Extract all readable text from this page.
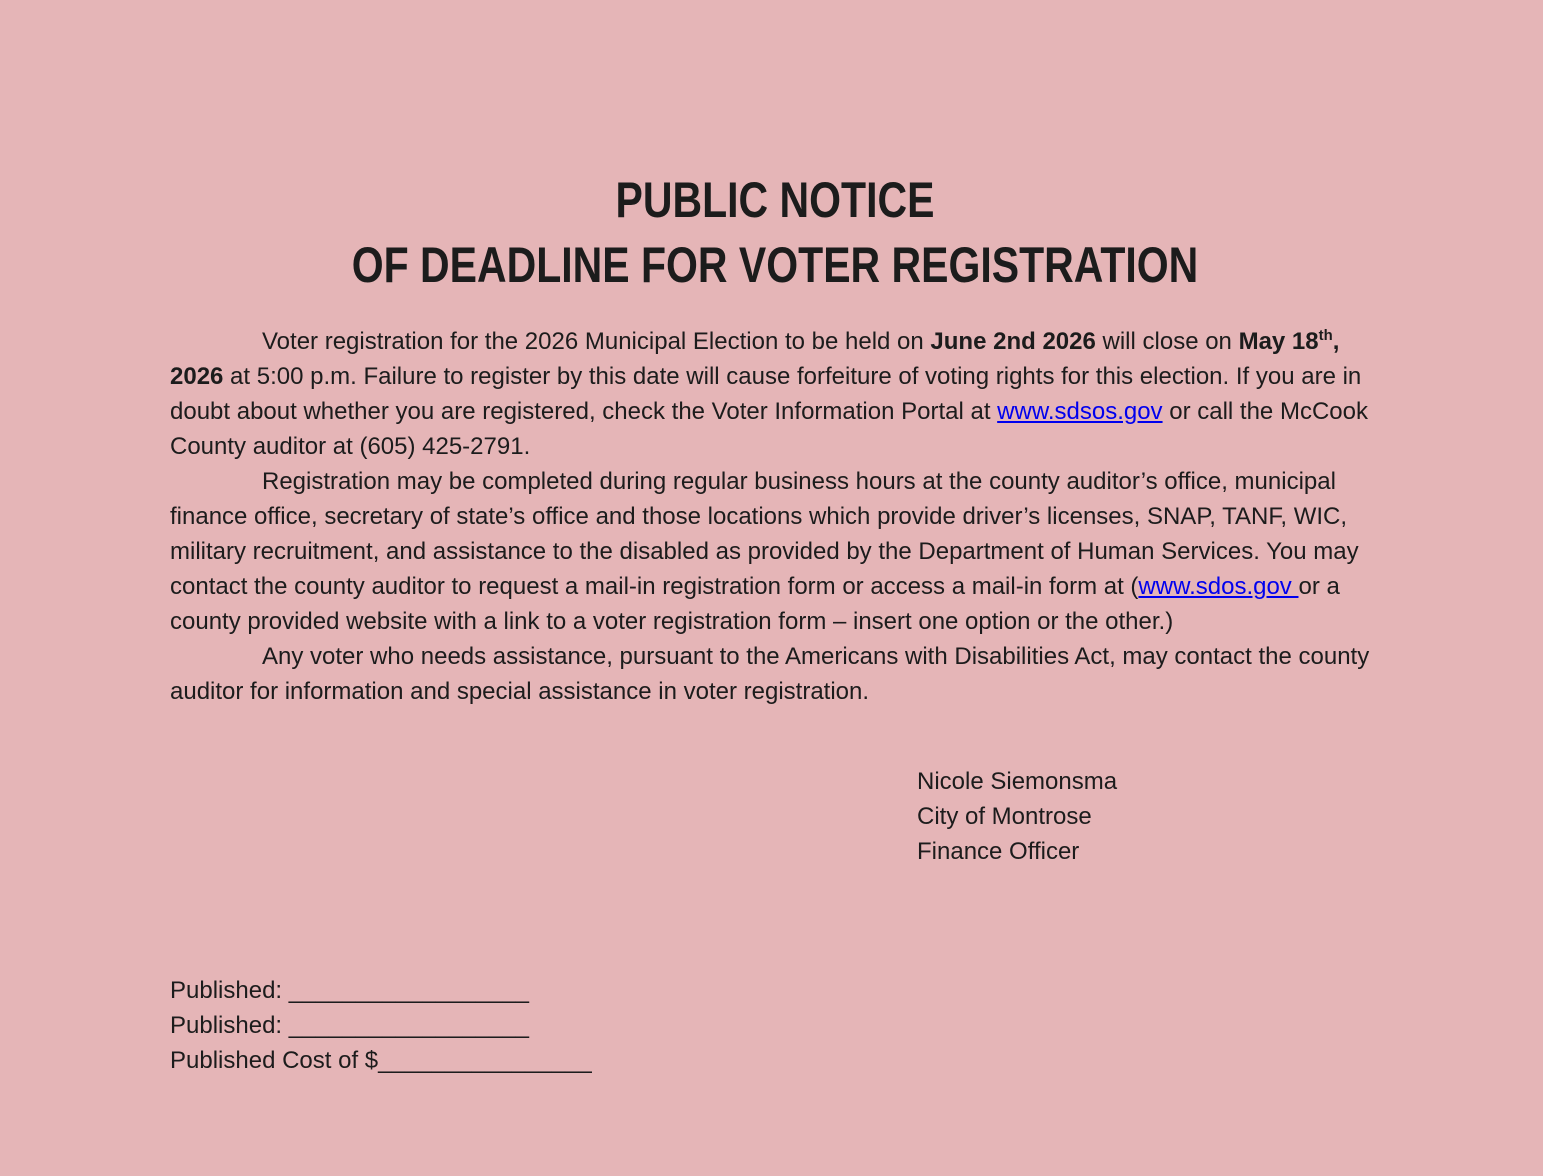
PUBLIC NOTICE
OF DEADLINE FOR VOTER REGISTRATION

Voter registration for the 2026 Municipal Election to be held on June 2nd 2026 will close on May 18th, 2026 at 5:00 p.m. Failure to register by this date will cause forfeiture of voting rights for this election. If you are in doubt about whether you are registered, check the Voter Information Portal at www.sdsos.gov or call the McCook County auditor at (605) 425-2791.

Registration may be completed during regular business hours at the county auditor’s office, municipal finance office, secretary of state’s office and those locations which provide driver’s licenses, SNAP, TANF, WIC, military recruitment, and assistance to the disabled as provided by the Department of Human Services. You may contact the county auditor to request a mail-in registration form or access a mail-in form at (www.sdos.gov or a county provided website with a link to a voter registration form – insert one option or the other.)

Any voter who needs assistance, pursuant to the Americans with Disabilities Act, may contact the county auditor for information and special assistance in voter registration.

Nicole Siemonsma
City of Montrose
Finance Officer
Published: __________________
Published: __________________
Published Cost of $________________
